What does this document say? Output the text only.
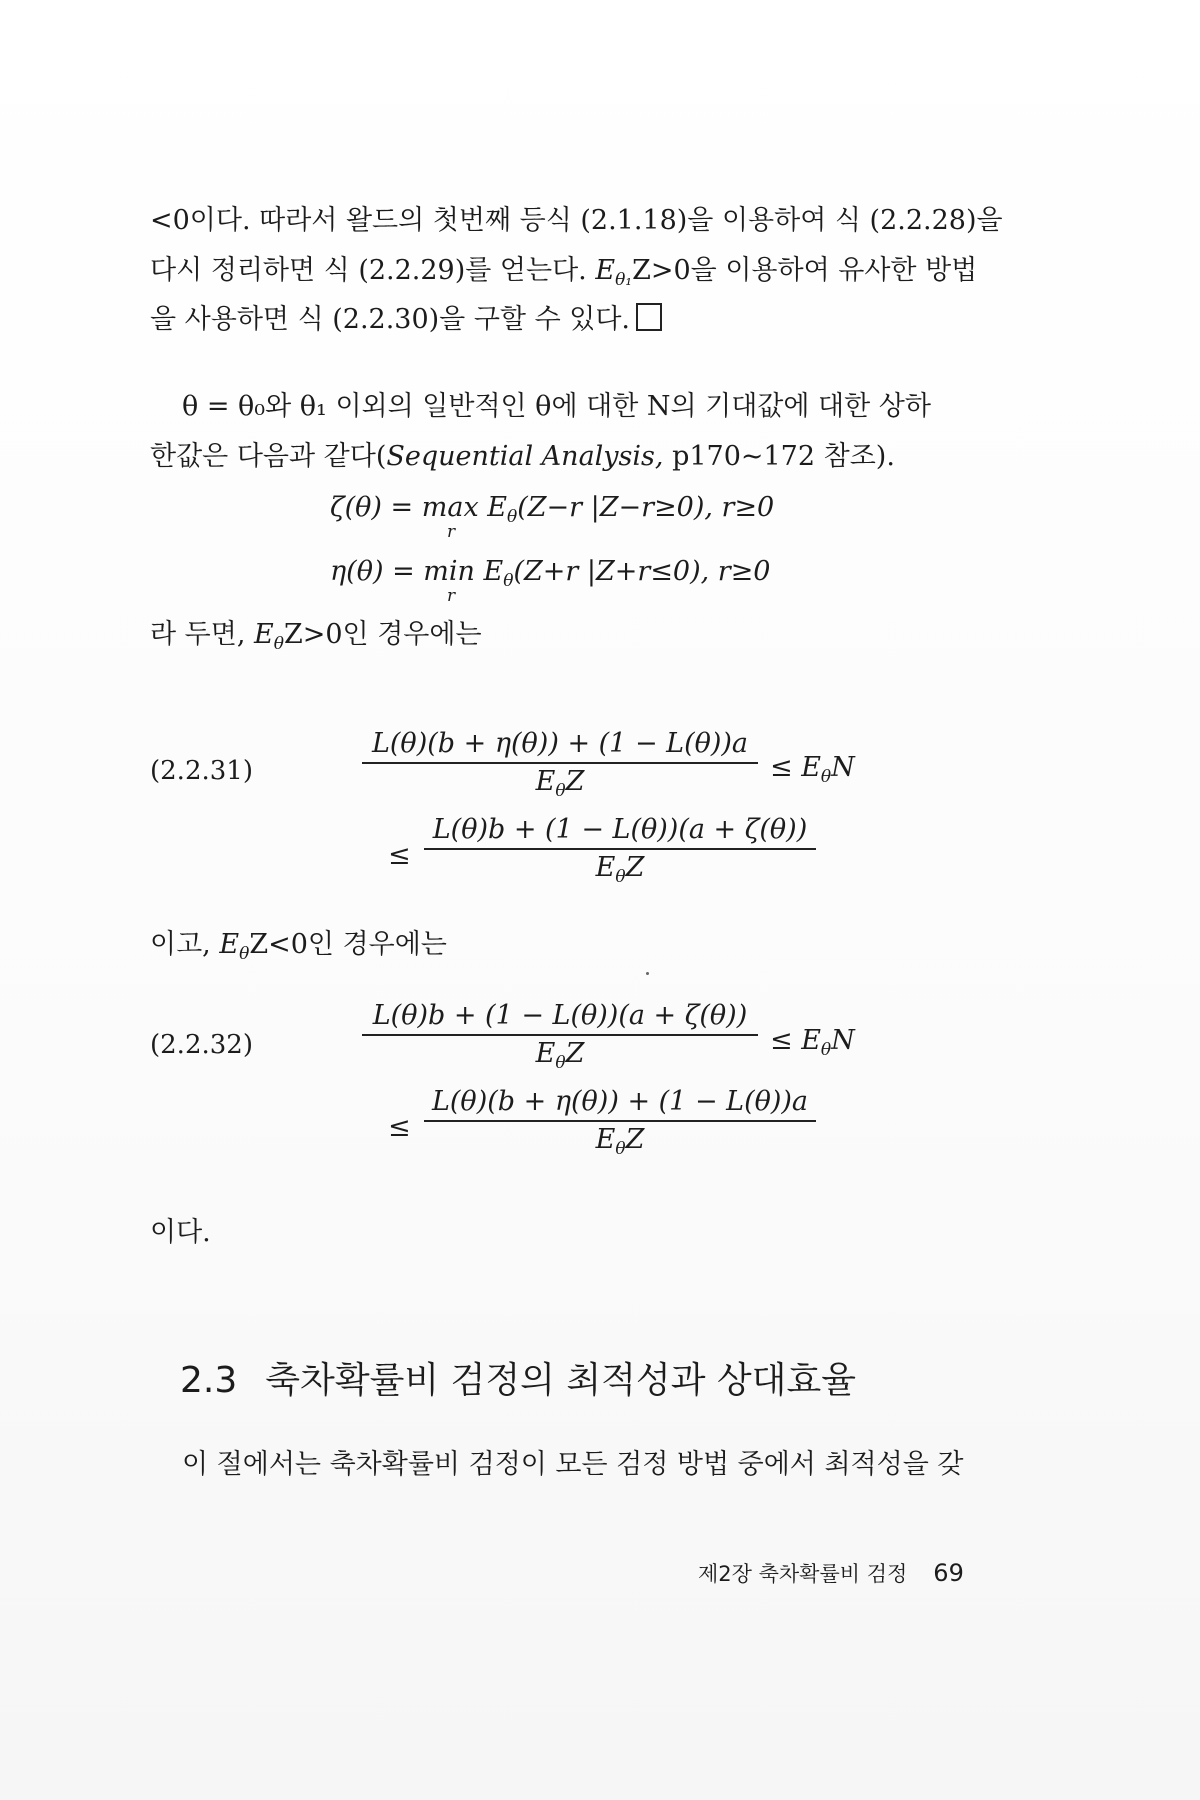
<0이다. 따라서 왈드의 첫번째 등식 (2.1.18)을 이용하여 식 (2.2.28)을
다시 정리하면 식 (2.2.29)를 얻는다. $E_{\theta_1}Z>0$을 이용하여 유사한 방법
을 사용하면 식 (2.2.30)을 구할 수 있다.
θ = θ₀와 θ₁ 이외의 일반적인 θ에 대한 N의 기대값에 대한 상하
한값은 다음과 같다(Sequential Analysis, p170~172 참조).
$\zeta(\theta) = \max E_\theta(Z-r$ |Z−r≥0), r≥0
r
$\eta(\theta) = \min E_\theta(Z+r$ |Z+r≤0), r≥0
r
라 두면, $E_\theta Z>0$인 경우에는
(2.2.31)
L(θ)(b + η(θ)) + (1 − L(θ))a
$E_\theta Z$	≤ $E_\theta N$
≤
L(θ)b + (1 − L(θ))(a + ζ(θ))
$E_\theta Z$
이고, $E_\theta Z<0$인 경우에는
(2.2.32)
L(θ)b + (1 − L(θ))(a + ζ(θ))
$E_\theta Z$	≤ $E_\theta N$
≤
L(θ)(b + η(θ)) + (1 − L(θ))a
$E_\theta Z$
이다.
2.3 축차확률비 검정의 최적성과 상대효율
이 절에서는 축차확률비 검정이 모든 검정 방법 중에서 최적성을 갖
제2장 축차확률비 검정 69
